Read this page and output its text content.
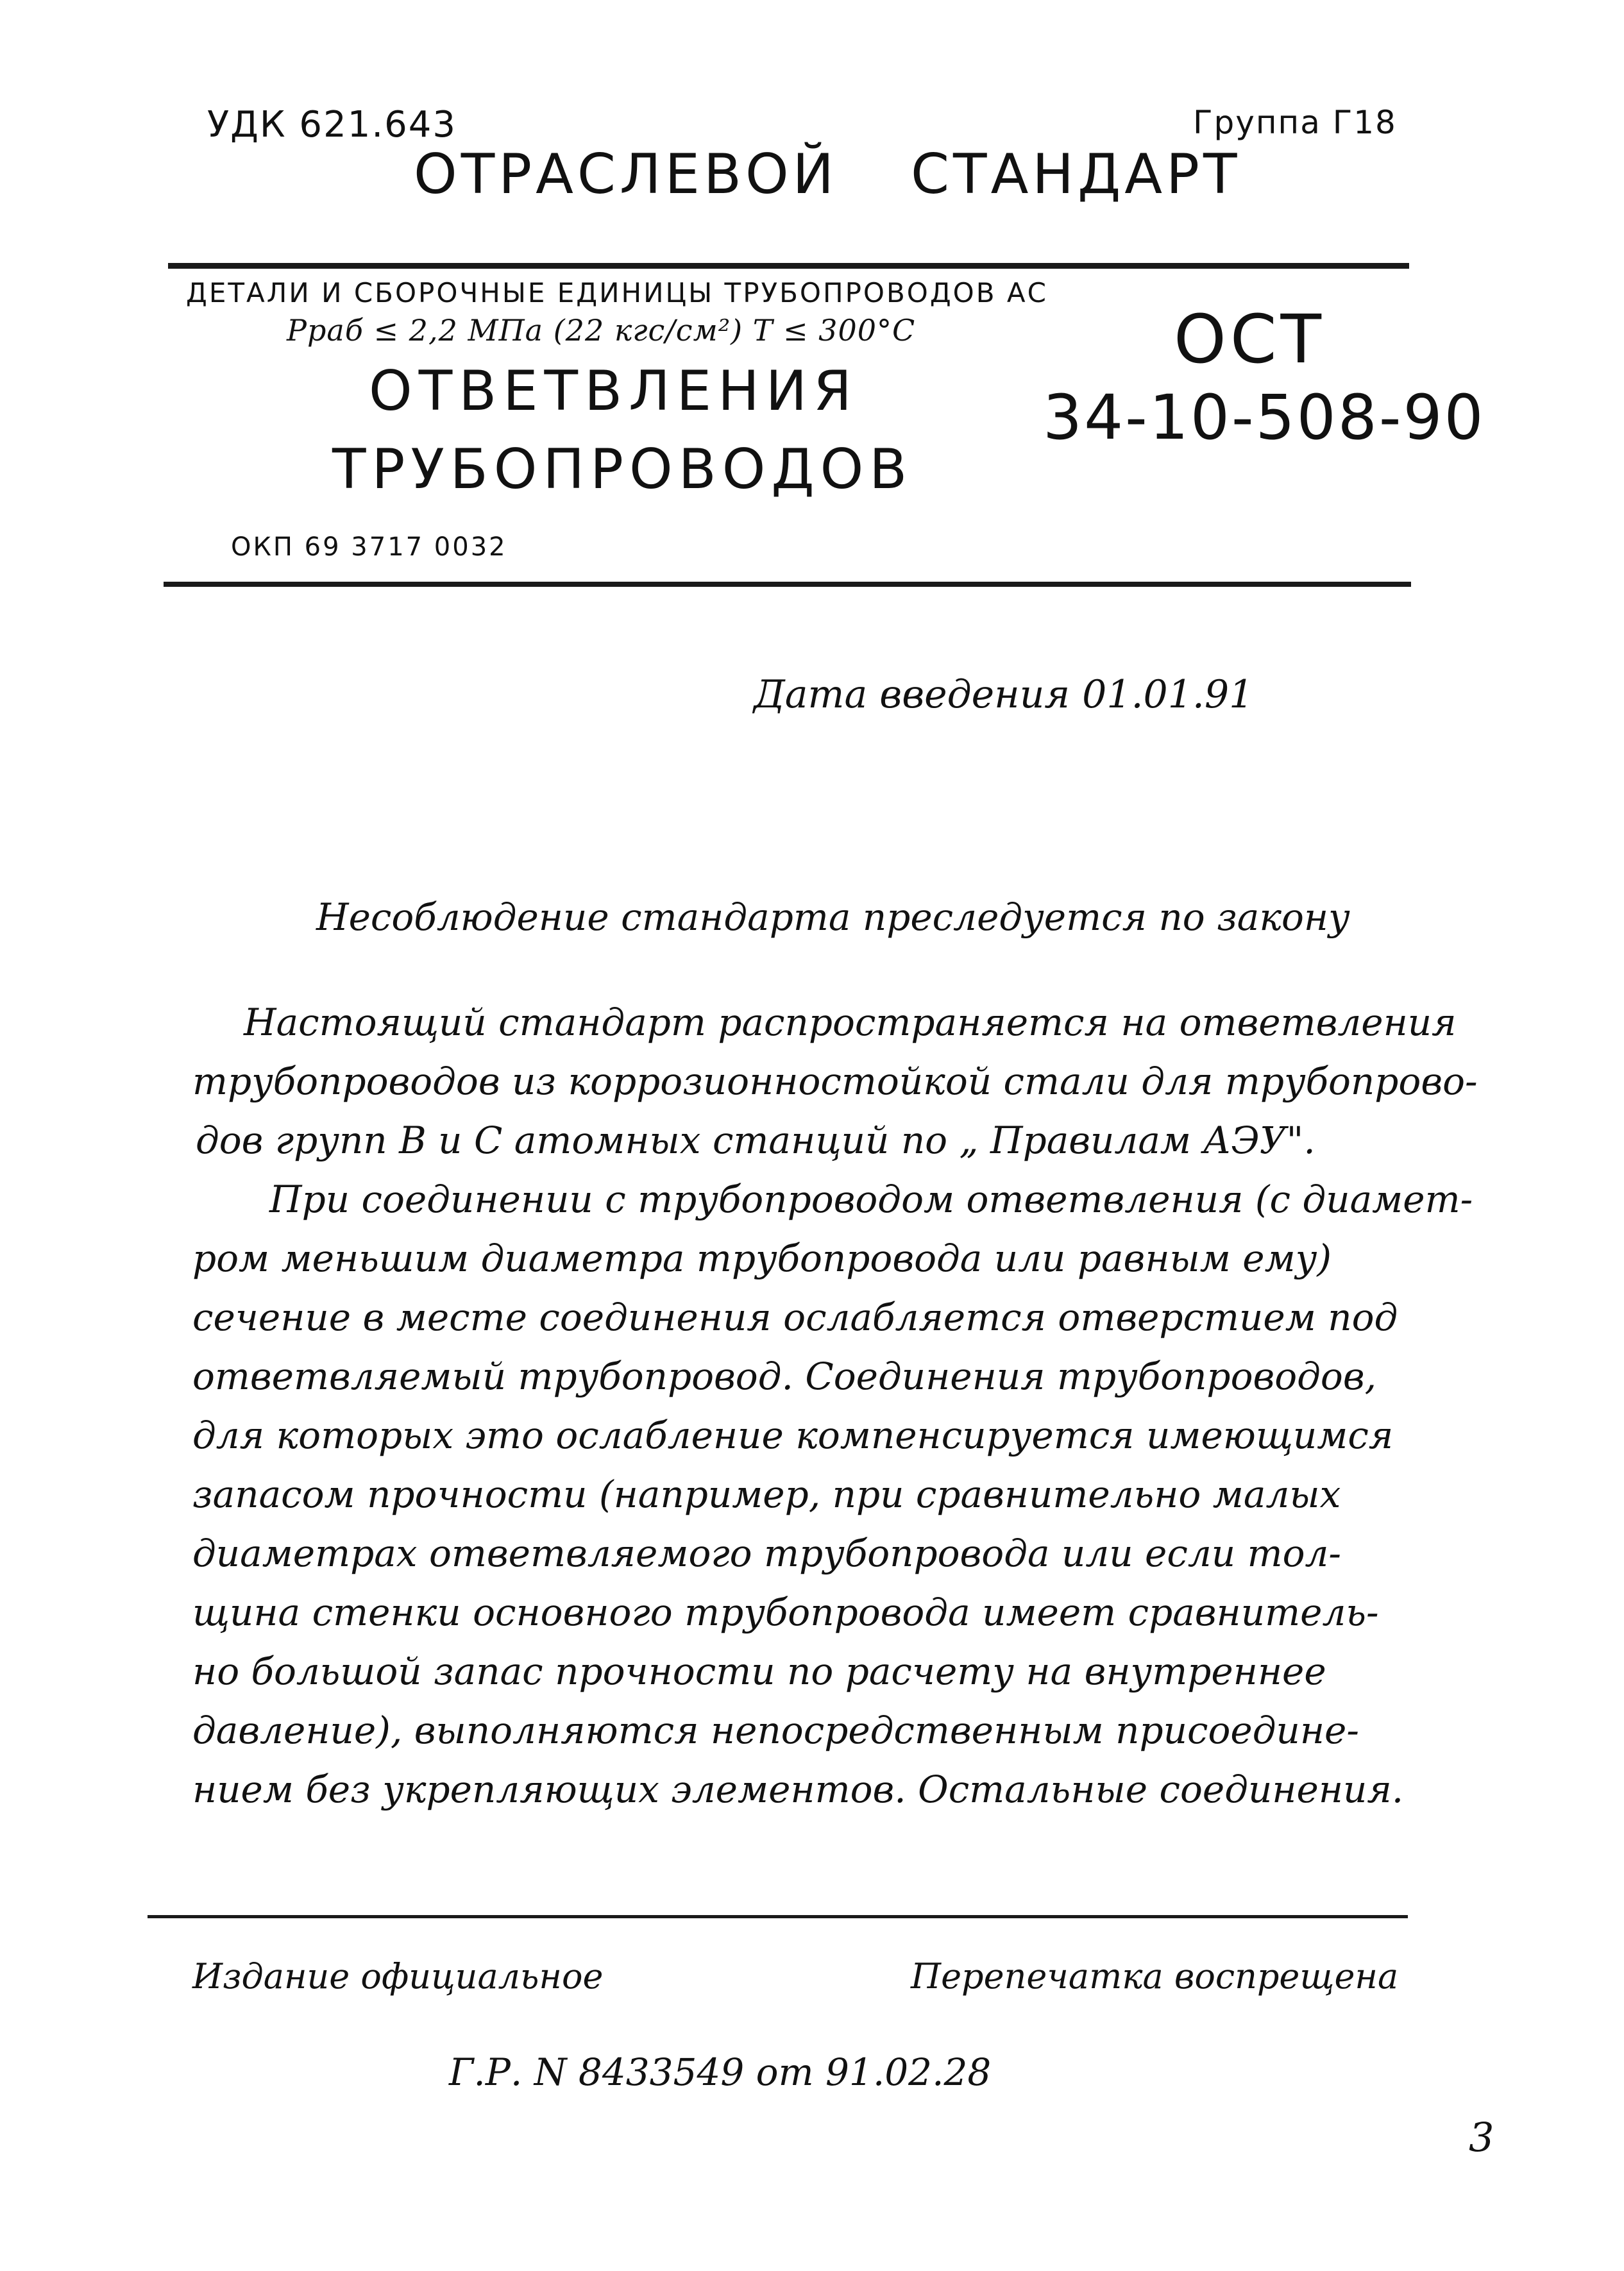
УДК 621.643	Группа Г18
ОТРАСЛЕВОЙ СТАНДАРТ
ДЕТАЛИ И СБОРОЧНЫЕ ЕДИНИЦЫ ТРУБОПРОВОДОВ АС
Рраб ≤ 2,2 МПа (22 кгс/см²) Т ≤ 300°С
ОТВЕТВЛЕНИЯ
ТРУБОПРОВОДОВ
ОСТ
34-10-508-90
ОКП 69 3717 0032
Дата введения 01.01.91
Несоблюдение стандарта преследуется по закону
Настоящий стандарт распространяется на ответвления
трубопроводов из коррозионностойкой стали для трубопрово-
дов групп В и С атомных станций по „ Правилам АЭУ".
При соединении с трубопроводом ответвления (с диамет-
ром меньшим диаметра трубопровода или равным ему)
сечение в месте соединения ослабляется отверстием под
ответвляемый трубопровод. Соединения трубопроводов,
для которых это ослабление компенсируется имеющимся
запасом прочности (например, при сравнительно малых
диаметрах ответвляемого трубопровода или если тол-
щина стенки основного трубопровода имеет сравнитель-
но большой запас прочности по расчету на внутреннее
давление), выполняются непосредственным присоедине-
нием без укрепляющих элементов. Остальные соединения.
Издание официальное	Перепечатка воспрещена
Г.Р. N 8433549 от 91.02.28
3
